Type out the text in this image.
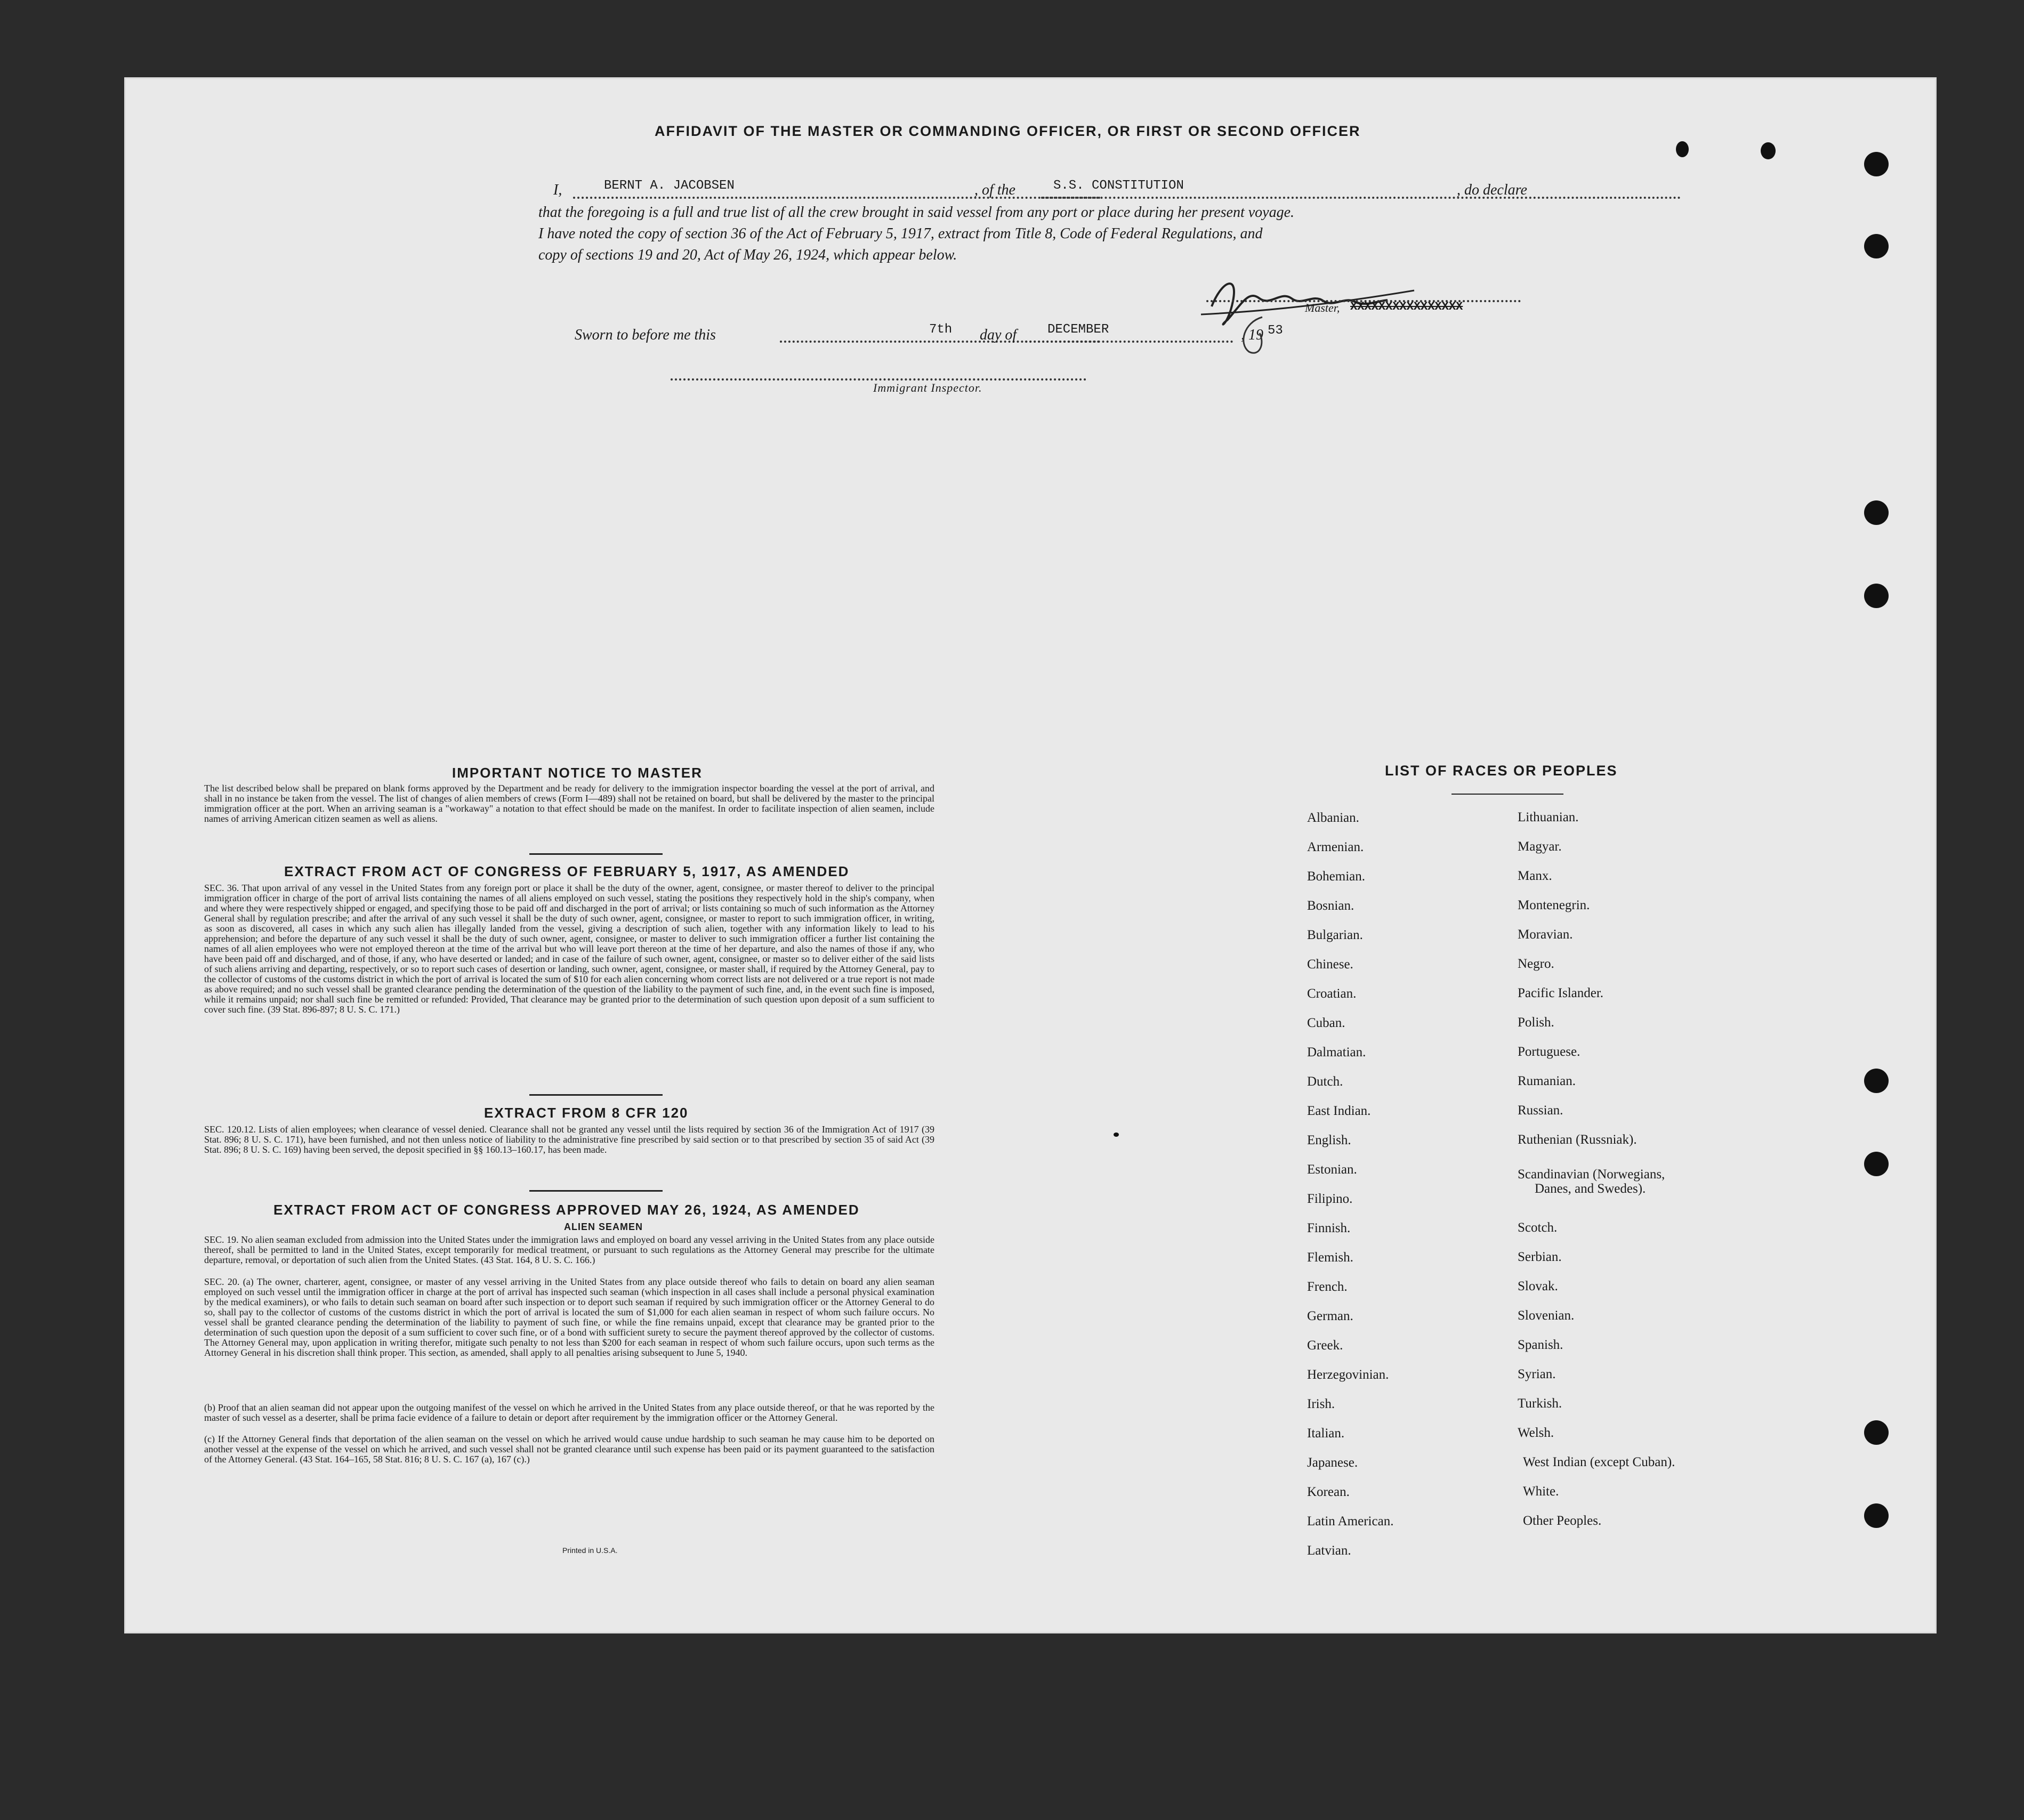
AFFIDAVIT OF THE MASTER OR COMMANDING OFFICER, OR FIRST OR SECOND OFFICER
I,	BERNT A. JACOBSEN	, of the	S.S. CONSTITUTION	, do declare
that the foregoing is a full and true list of all the crew brought in said vessel from any port or place during her present voyage.
I have noted the copy of section 36 of the Act of February 5, 1917, extract from Title 8, Code of Federal Regulations, and
copy of sections 19 and 20, Act of May 26, 1924, which appear below.
Master, XXXXXXXXXXXXXXXX
Sworn to before me this	7th day of DECEMBER	, 19 53
Immigrant Inspector.
IMPORTANT NOTICE TO MASTER
The list described below shall be prepared on blank forms approved by the Department and be ready for delivery to the immigration inspector boarding the vessel at the port of arrival, and shall in no instance be taken from the vessel. The list of changes of alien members of crews (Form I—489) shall not be retained on board, but shall be delivered by the master to the principal immigration officer at the port. When an arriving seaman is a "workaway" a notation to that effect should be made on the manifest. In order to facilitate inspection of alien seamen, include names of arriving American citizen seamen as well as aliens.
EXTRACT FROM ACT OF CONGRESS OF FEBRUARY 5, 1917, AS AMENDED
SEC. 36. That upon arrival of any vessel in the United States from any foreign port or place it shall be the duty of the owner, agent, consignee, or master thereof to deliver to the principal immigration officer in charge of the port of arrival lists containing the names of all aliens employed on such vessel, stating the positions they respectively hold in the ship's company, when and where they were respectively shipped or engaged, and specifying those to be paid off and discharged in the port of arrival; or lists containing so much of such information as the Attorney General shall by regulation prescribe; and after the arrival of any such vessel it shall be the duty of such owner, agent, consignee, or master to report to such immigration officer, in writing, as soon as discovered, all cases in which any such alien has illegally landed from the vessel, giving a description of such alien, together with any information likely to lead to his apprehension; and before the departure of any such vessel it shall be the duty of such owner, agent, consignee, or master to deliver to such immigration officer a further list containing the names of all alien employees who were not employed thereon at the time of the arrival but who will leave port thereon at the time of her departure, and also the names of those if any, who have been paid off and discharged, and of those, if any, who have deserted or landed; and in case of the failure of such owner, agent, consignee, or master so to deliver either of the said lists of such aliens arriving and departing, respectively, or so to report such cases of desertion or landing, such owner, agent, consignee, or master shall, if required by the Attorney General, pay to the collector of customs of the customs district in which the port of arrival is located the sum of $10 for each alien concerning whom correct lists are not delivered or a true report is not made as above required; and no such vessel shall be granted clearance pending the determination of the question of the liability to the payment of such fine, and, in the event such fine is imposed, while it remains unpaid; nor shall such fine be remitted or refunded: Provided, That clearance may be granted prior to the determination of such question upon deposit of a sum sufficient to cover such fine. (39 Stat. 896-897; 8 U. S. C. 171.)
EXTRACT FROM 8 CFR 120
SEC. 120.12. Lists of alien employees; when clearance of vessel denied. Clearance shall not be granted any vessel until the lists required by section 36 of the Immigration Act of 1917 (39 Stat. 896; 8 U. S. C. 171), have been furnished, and not then unless notice of liability to the administrative fine prescribed by said section or to that prescribed by section 35 of said Act (39 Stat. 896; 8 U. S. C. 169) having been served, the deposit specified in §§ 160.13–160.17, has been made.
EXTRACT FROM ACT OF CONGRESS APPROVED MAY 26, 1924, AS AMENDED
ALIEN SEAMEN
SEC. 19. No alien seaman excluded from admission into the United States under the immigration laws and employed on board any vessel arriving in the United States from any place outside thereof, shall be permitted to land in the United States, except temporarily for medical treatment, or pursuant to such regulations as the Attorney General may prescribe for the ultimate departure, removal, or deportation of such alien from the United States. (43 Stat. 164, 8 U. S. C. 166.)
SEC. 20. (a) The owner, charterer, agent, consignee, or master of any vessel arriving in the United States from any place outside thereof who fails to detain on board any alien seaman employed on such vessel until the immigration officer in charge at the port of arrival has inspected such seaman (which inspection in all cases shall include a personal physical examination by the medical examiners), or who fails to detain such seaman on board after such inspection or to deport such seaman if required by such immigration officer or the Attorney General to do so, shall pay to the collector of customs of the customs district in which the port of arrival is located the sum of $1,000 for each alien seaman in respect of whom such failure occurs. No vessel shall be granted clearance pending the determination of the liability to payment of such fine, or while the fine remains unpaid, except that clearance may be granted prior to the determination of such question upon the deposit of a sum sufficient to cover such fine, or of a bond with sufficient surety to secure the payment thereof approved by the collector of customs. The Attorney General may, upon application in writing therefor, mitigate such penalty to not less than $200 for each seaman in respect of whom such failure occurs, upon such terms as the Attorney General in his discretion shall think proper. This section, as amended, shall apply to all penalties arising subsequent to June 5, 1940.
(b) Proof that an alien seaman did not appear upon the outgoing manifest of the vessel on which he arrived in the United States from any place outside thereof, or that he was reported by the master of such vessel as a deserter, shall be prima facie evidence of a failure to detain or deport after requirement by the immigration officer or the Attorney General.
(c) If the Attorney General finds that deportation of the alien seaman on the vessel on which he arrived would cause undue hardship to such seaman he may cause him to be deported on another vessel at the expense of the vessel on which he arrived, and such vessel shall not be granted clearance until such expense has been paid or its payment guaranteed to the satisfaction of the Attorney General. (43 Stat. 164–165, 58 Stat. 816; 8 U. S. C. 167 (a), 167 (c).)
Printed in U.S.A.
LIST OF RACES OR PEOPLES
Albanian.
Armenian.
Bohemian.
Bosnian.
Bulgarian.
Chinese.
Croatian.
Cuban.
Dalmatian.
Dutch.
East Indian.
English.
Estonian.
Filipino.
Finnish.
Flemish.
French.
German.
Greek.
Herzegovinian.
Irish.
Italian.
Japanese.
Korean.
Latin American.
Latvian.
Lithuanian.
Magyar.
Manx.
Montenegrin.
Moravian.
Negro.
Pacific Islander.
Polish.
Portuguese.
Rumanian.
Russian.
Ruthenian (Russniak).
Scandinavian (Norwegians,
Danes, and Swedes).
Scotch.
Serbian.
Slovak.
Slovenian.
Spanish.
Syrian.
Turkish.
Welsh.
West Indian (except Cuban).
White.
Other Peoples.
